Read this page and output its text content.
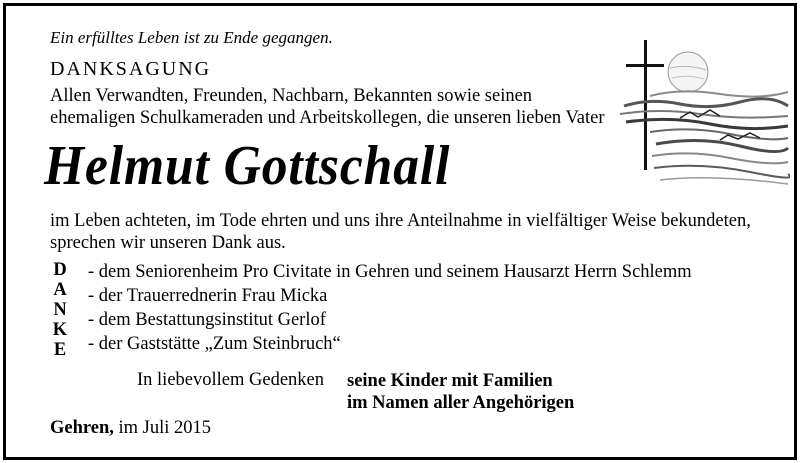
Ein erfülltes Leben ist zu Ende gegangen.
DANKSAGUNG
Allen Verwandten, Freunden, Nachbarn, Bekannten sowie seinen
ehemaligen Schulkameraden und Arbeitskollegen, die unseren lieben Vater
Helmut Gottschall
im Leben achteten, im Tode ehrten und uns ihre Anteilnahme in vielfältiger Weise bekundeten,
sprechen wir unseren Dank aus.
D
A
N
K
E
- dem Seniorenheim Pro Civitate in Gehren und seinem Hausarzt Herrn Schlemm
- der Trauerrednerin Frau Micka
- dem Bestattungsinstitut Gerlof
- der Gaststätte „Zum Steinbruch“
In liebevollem Gedenken seine Kinder mit Familien
im Namen aller Angehörigen
Gehren, im Juli 2015
